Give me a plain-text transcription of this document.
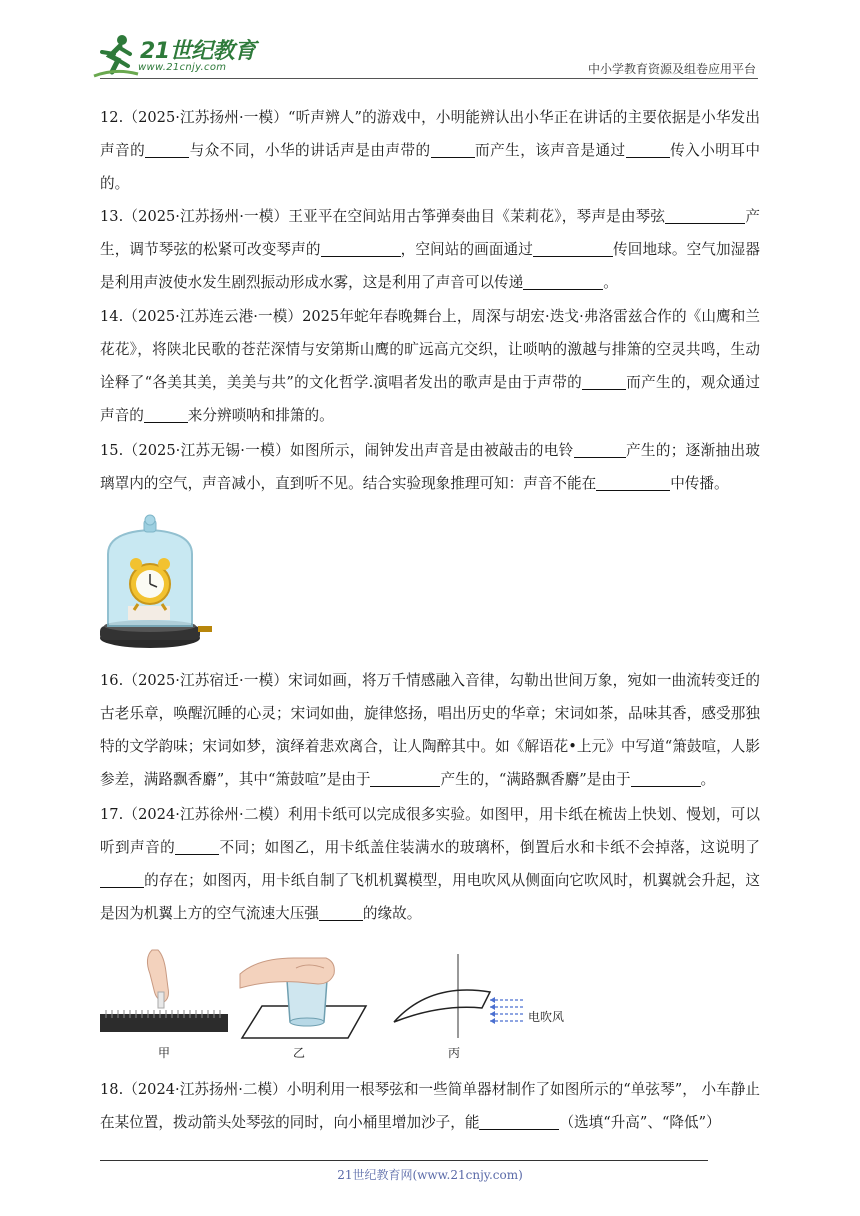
21世纪教育
www.21cnjy.com	中小学教育资源及组卷应用平台
12.（2025·江苏扬州·一模）“听声辨人”的游戏中，小明能辨认出小华正在讲话的主要依据是小华发出声音的	与众不同，小华的讲话声是由声带的	而产生，该声音是通过	传入小明耳中的。
13.（2025·江苏扬州·一模）王亚平在空间站用古筝弹奏曲目《茉莉花》，琴声是由琴弦	产生，调节琴弦的松紧可改变琴声的	，空间站的画面通过	传回地球。空气加湿器是利用声波使水发生剧烈振动形成水雾，这是利用了声音可以传递	。
14.（2025·江苏连云港·一模）2025年蛇年春晚舞台上，周深与胡宏·迭戈·弗洛雷兹合作的《山鹰和兰花花》，将陕北民歌的苍茫深情与安第斯山鹰的旷远高亢交织，让唢呐的激越与排箫的空灵共鸣，生动诠释了“各美其美，美美与共”的文化哲学.演唱者发出的歌声是由于声带的	而产生的，观众通过声音的	来分辨唢呐和排箫的。
15.（2025·江苏无锡·一模）如图所示，闹钟发出声音是由被敲击的电铃	产生的；逐渐抽出玻璃罩内的空气，声音减小，直到听不见。结合实验现象推理可知：声音不能在	中传播。
16.（2025·江苏宿迁·一模）宋词如画，将万千情感融入音律，勾勒出世间万象，宛如一曲流转变迁的古老乐章，唤醒沉睡的心灵；宋词如曲，旋律悠扬，唱出历史的华章；宋词如茶，品味其香，感受那独特的文学韵味；宋词如梦，演绎着悲欢离合，让人陶醉其中。如《解语花•上元》中写道“箫鼓喧，人影参差，满路飘香麝”，其中“箫鼓喧”是由于	产生的，“满路飘香麝”是由于	。
17.（2024·江苏徐州·二模）利用卡纸可以完成很多实验。如图甲，用卡纸在梳齿上快划、慢划，可以听到声音的	不同；如图乙，用卡纸盖住装满水的玻璃杯，倒置后水和卡纸不会掉落，这说明了的存在；如图丙，用卡纸自制了飞机机翼模型，用电吹风从侧面向它吹风时，机翼就会升起，这是因为机翼上方的空气流速大压强	的缘故。
甲	乙
电吹风
丙
18.（2024·江苏扬州·二模）小明利用一根琴弦和一些简单器材制作了如图所示的“单弦琴”， 小车静止在某位置，拨动箭头处琴弦的同时，向小桶里增加沙子，能	（选填“升高”、“降低”）
21世纪教育网(www.21cnjy.com)
